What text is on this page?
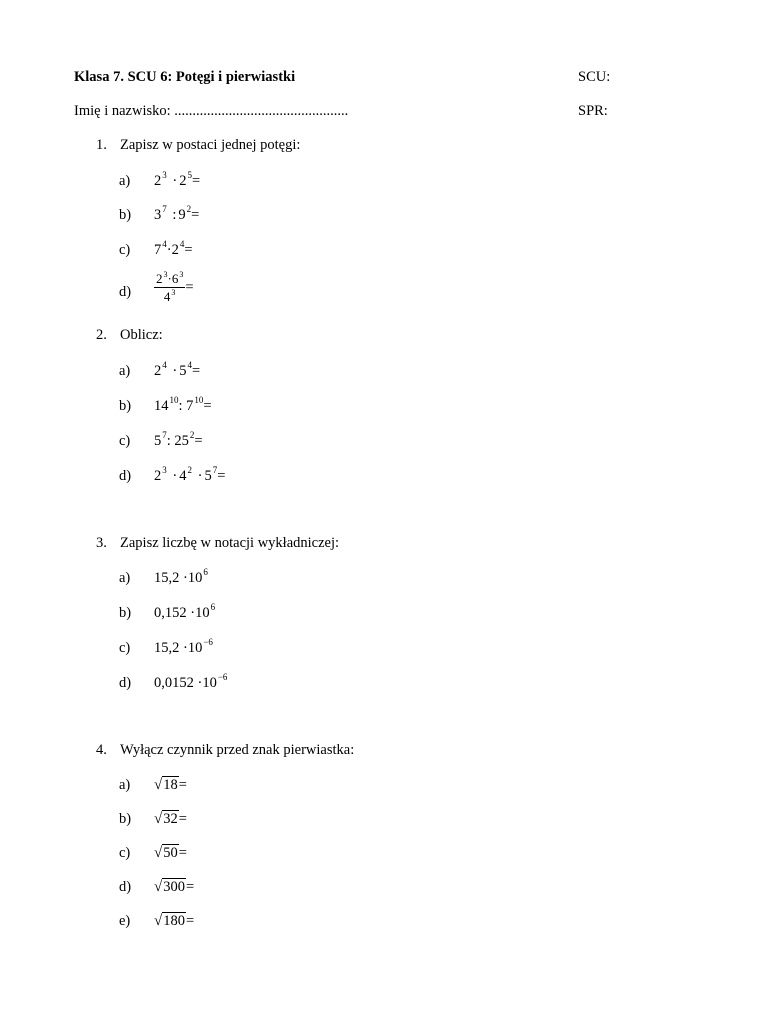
Klasa 7. SCU 6: Potęgi i pierwiastki	SCU:
Imię i nazwisko: ................................................	SPR:
1. Zapisz w postaci jednej potęgi:
a) $2^3 \cdot 2^5=$
b) $3^7$ : $9^2=$
c) $7^4\cdot 2^4=$
$d) \frac{2^3\cdot 6^3}{4^3}$ =
2. Oblicz:
a) $2^4 \cdot 5^4=$
b) $14^{10}$: $7^{10}=$
c) $5^7$: $25^2=$
d) $2^3 \cdot 4^2 \cdot 5^7=$
3. Zapisz liczbę w notacji wykładniczej:
a) $15,2 \cdot 10^6$
b) $0,152 \cdot 10^6$
c) $15,2 \cdot 10^{-6}$
d) $0,0152 \cdot 10^{-6}$
4. Wyłącz czynnik przed znak pierwiastka:
a) √18=
b) √32=
c) √50=
d) √300=
e) √180=
